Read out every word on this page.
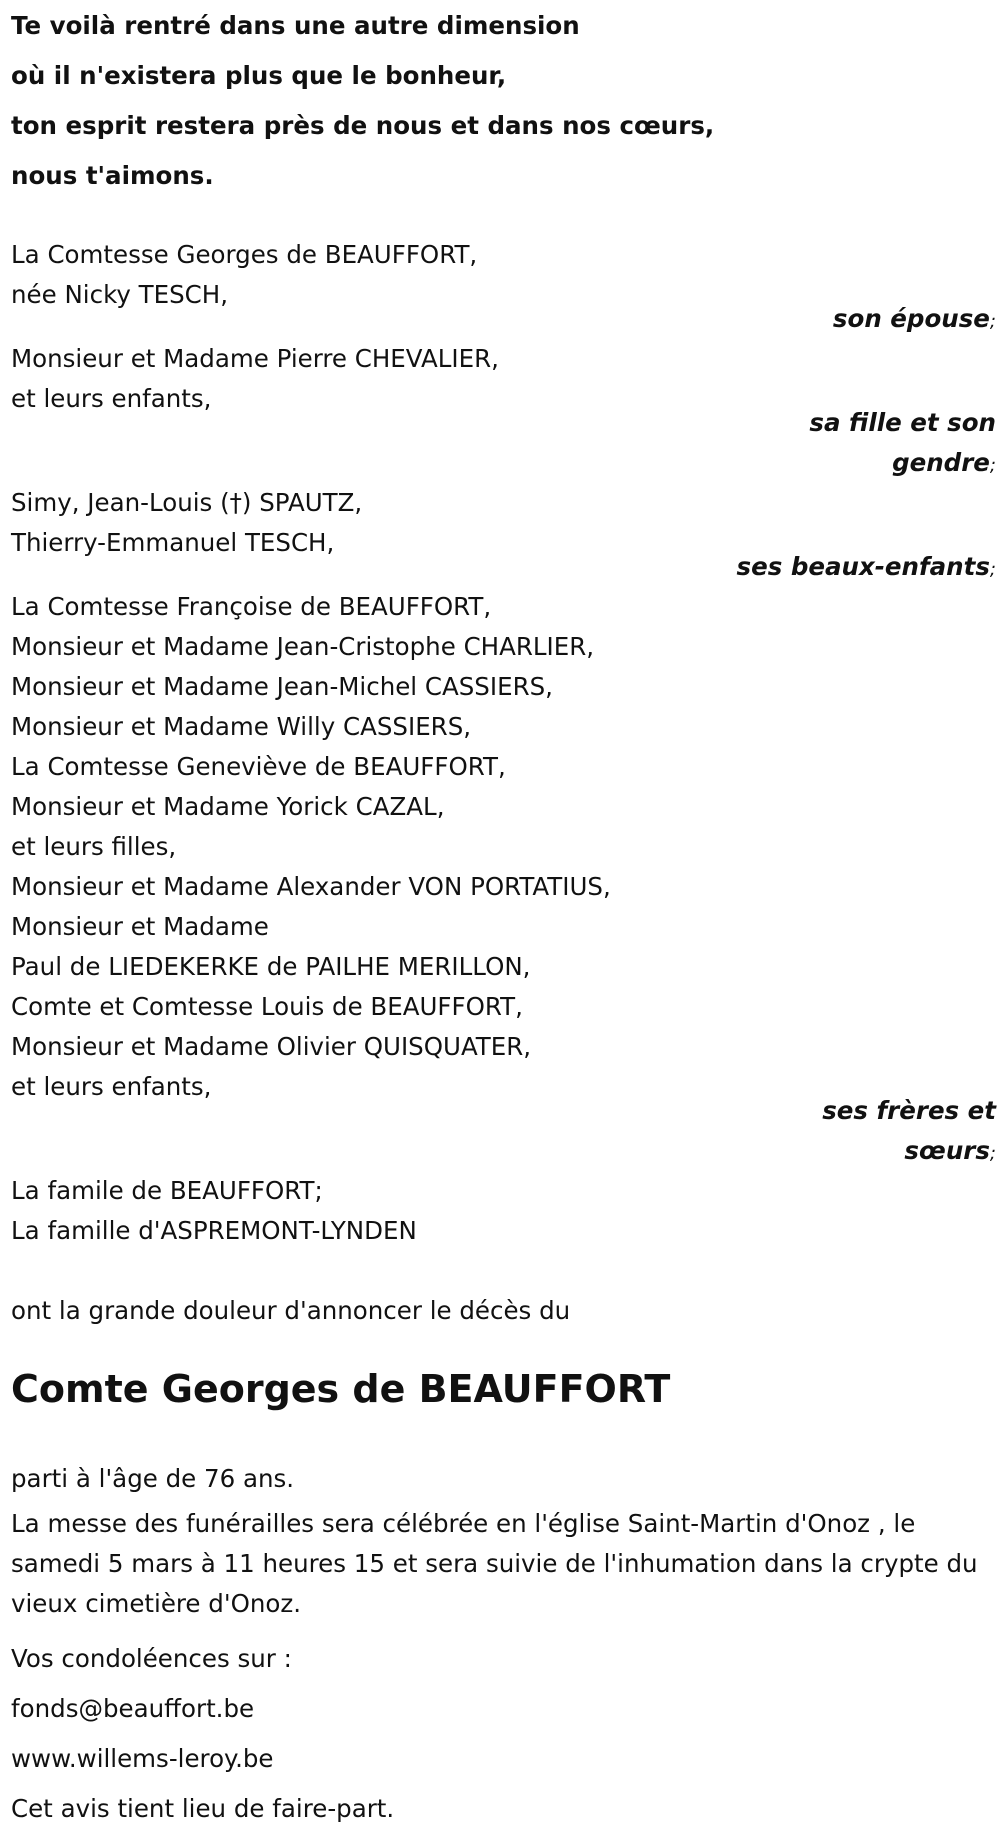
Te voilà rentré dans une autre dimension
où il n'existera plus que le bonheur,
ton esprit restera près de nous et dans nos cœurs,
nous t'aimons.
La Comtesse Georges de BEAUFFORT,
née Nicky TESCH,
son épouse;
Monsieur et Madame Pierre CHEVALIER,
et leurs enfants,
sa fille et son
gendre;
Simy, Jean-Louis (†) SPAUTZ,
Thierry-Emmanuel TESCH,
ses beaux-enfants;
La Comtesse Françoise de BEAUFFORT,
Monsieur et Madame Jean-Cristophe CHARLIER,
Monsieur et Madame Jean-Michel CASSIERS,
Monsieur et Madame Willy CASSIERS,
La Comtesse Geneviève de BEAUFFORT,
Monsieur et Madame Yorick CAZAL,
et leurs filles,
Monsieur et Madame Alexander VON PORTATIUS,
Monsieur et Madame
Paul de LIEDEKERKE de PAILHE MERILLON,
Comte et Comtesse Louis de BEAUFFORT,
Monsieur et Madame Olivier QUISQUATER,
et leurs enfants,
ses frères et
sœurs;
La famile de BEAUFFORT;
La famille d'ASPREMONT-LYNDEN
ont la grande douleur d'annoncer le décès du
Comte Georges de BEAUFFORT
parti à l'âge de 76 ans.
La messe des funérailles sera célébrée en l'église Saint-Martin d'Onoz , le samedi 5 mars à 11 heures 15 et sera suivie de l'inhumation dans la crypte du vieux cimetière d'Onoz.
Vos condoléences sur :
fonds@beauffort.be
www.willems-leroy.be
Cet avis tient lieu de faire-part.
